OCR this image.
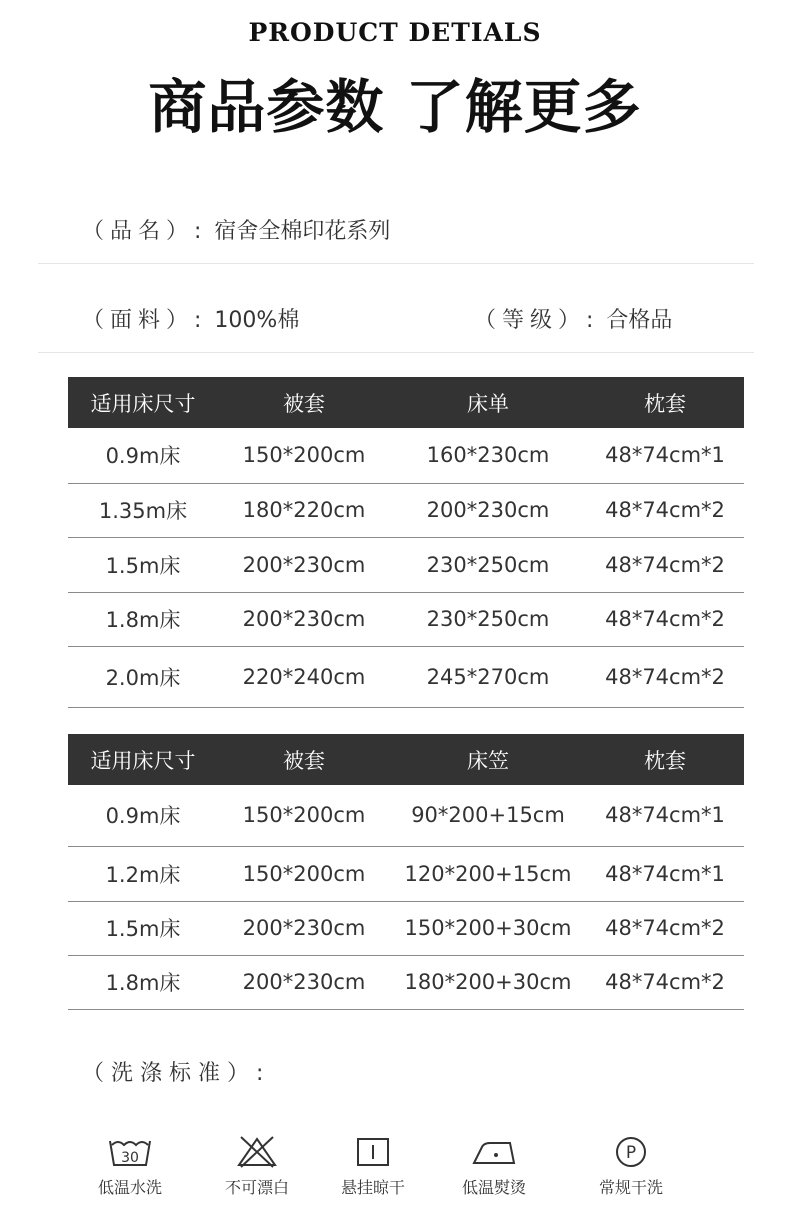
PRODUCT DETIALS
商品参数 了解更多
（品名）: 宿舍全棉印花系列
（面料）: 100%棉	（等级）: 合格品
适用床尺寸	被套	床单	枕套
0.9m床	150*200cm	160*230cm	48*74cm*1
1.35m床	180*220cm	200*230cm	48*74cm*2
1.5m床	200*230cm	230*250cm	48*74cm*2
1.8m床	200*230cm	230*250cm	48*74cm*2
2.0m床	220*240cm	245*270cm	48*74cm*2
适用床尺寸	被套	床笠	枕套
0.9m床	150*200cm	90*200+15cm	48*74cm*1
1.2m床	150*200cm	120*200+15cm	48*74cm*1
1.5m床	200*230cm	150*200+30cm	48*74cm*2
1.8m床	200*230cm	180*200+30cm	48*74cm*2
（洗涤标准）:
30
低温水洗	不可漂白	悬挂晾干	低温熨烫
P
常规干洗
